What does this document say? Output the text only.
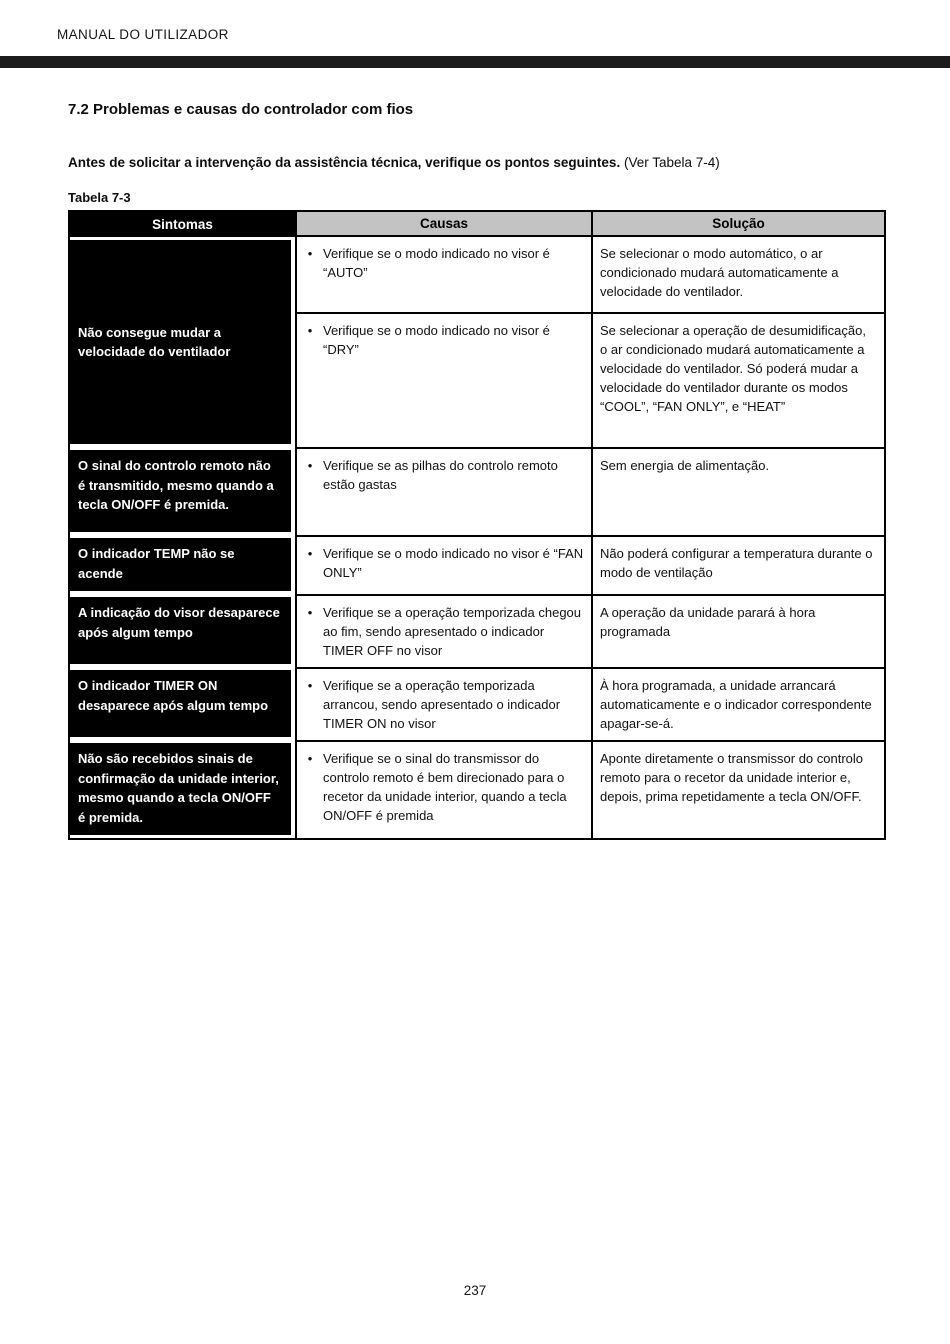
MANUAL DO UTILIZADOR
7.2 Problemas e causas do controlador com fios
Antes de solicitar a intervenção da assistência técnica, verifique os pontos seguintes. (Ver Tabela 7-4)
Tabela 7-3
Sintomas	Causas	Solução
Não consegue mudar a velocidade do ventilador
• Verifique se o modo indicado no visor é “AUTO”
Se selecionar o modo automático, o ar condicionado mudará automaticamente a velocidade do ventilador.
• Verifique se o modo indicado no visor é “DRY”
Se selecionar a operação de desumidificação, o ar condicionado mudará automaticamente a velocidade do ventilador. Só poderá mudar a velocidade do ventilador durante os modos “COOL”, “FAN ONLY”, e “HEAT”
O sinal do controlo remoto não é transmitido, mesmo quando a tecla ON/OFF é premida.
• Verifique se as pilhas do controlo remoto estão gastas
Sem energia de alimentação.
O indicador TEMP não se acende
• Verifique se o modo indicado no visor é “FAN ONLY”
Não poderá configurar a temperatura durante o modo de ventilação
A indicação do visor desaparece após algum tempo
• Verifique se a operação temporizada chegou ao fim, sendo apresentado o indicador TIMER OFF no visor
A operação da unidade parará à hora programada
O indicador TIMER ON desaparece após algum tempo
• Verifique se a operação temporizada arrancou, sendo apresentado o indicador TIMER ON no visor
À hora programada, a unidade arrancará automaticamente e o indicador correspondente apagar-se-á.
Não são recebidos sinais de confirmação da unidade interior, mesmo quando a tecla ON/OFF é premida.
• Verifique se o sinal do transmissor do controlo remoto é bem direcionado para o recetor da unidade interior, quando a tecla ON/OFF é premida
Aponte diretamente o transmissor do controlo remoto para o recetor da unidade interior e, depois, prima repetidamente a tecla ON/OFF.
237
